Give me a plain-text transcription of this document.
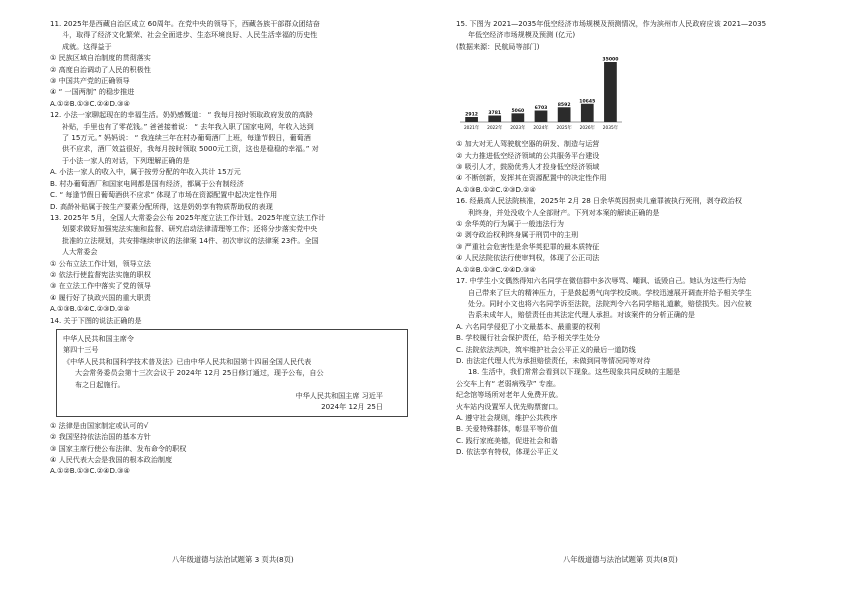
11. 2025年是西藏自治区成立 60周年。在党中央的领导下，西藏各族干部群众团结奋

斗，取得了经济文化繁荣、社会全面进步、生态环境良好、人民生活幸福的历史性

成就。这得益于

① 民族区域自治制度的贯彻落实

② 高度自治调动了人民的积极性

③ 中国共产党的正确领导

④ “ 一国两制” 的稳步推进

A.①②B.①③C.②④D.③④

12. 小法一家聊起现在的幸福生活。奶奶感慨道： “ 我每月按时领取政府发放的高龄

补贴，手里也有了零花钱。” 爸爸接着说： “ 去年我入职了国家电网，年收入达到

了 15万元。” 妈妈说： “ 我连续三年在村办葡萄酒厂上班，每逢节假日，葡萄酒

供不应求，酒厂效益很好，我每月按时领取 5000元工资，这也是稳稳的幸福。” 对

于小法一家人的对话，下列理解正确的是

A. 小法一家人的收入中，属于按劳分配的年收入共计 15万元

B. 村办葡萄酒厂和国家电网都是国有经济，都属于公有制经济

C. “ 每逢节假日葡萄酒供不应求” 体现了市场在资源配置中起决定性作用

D. 高龄补贴属于按生产要素分配所得，这是奶奶享有物质帮助权的表现

13. 2025年 5月，全国人大常委会公布 2025年度立法工作计划。2025年度立法工作计

划要求做好加强宪法实施和监督、研究启动法律清理等工作；还将分步落实党中央

批准的立法规划，共安排继续审议的法律案 14件、初次审议的法律案 23件。全国

人大常委会

① 公布立法工作计划，领导立法

② 依法行使监督宪法实施的职权

③ 在立法工作中落实了党的领导

④ 履行好了执政兴国的重大职责

A.①③B.①④C.②③D.②④

14. 关于下图的说法正确的是

中华人民共和国主席令

第四十三号

《中华人民共和国科学技术普及法》已由中华人民共和国第十四届全国人民代表

大会常务委员会第十三次会议于 2024年 12月 25日修订通过，现予公布，自公

布之日起施行。

中华人民共和国主席 习近平

2024年 12月 25日

① 法律是由国家制定或认可的√

② 我国坚持依法治国的基本方针

③ 国家主席行使公布法律、发布命令的职权

④ 人民代表大会是我国的根本政治制度

A.①②B.①③C.②④D.③④

15. 下图为 2021—2035年低空经济市场规模及预测情况，作为滨州市人民政府应该 2021—2035

年低空经济市场规模及预测 (亿元)

(数据来源：民航局等部门)

2912
2021年
3781
2022年
5060
2023年
6703
2024年
8592
2025年
10645
2026年
35000
2035年

① 加大对无人驾驶航空器的研发、制造与运营

② 大力推进低空经济领域的公共服务平台建设

③ 吸引人才，鼓励优秀人才投身低空经济领域

④ 不断创新，发挥其在资源配置中的决定性作用

A.①③B.①②C.②③D.②④

16. 经最高人民法院核准，2025年 2月 28 日余华英因拐卖儿童罪被执行死刑，剥夺政治权

利终身，并处没收个人全部财产。下列对本案的解读正确的是

① 余华英的行为属于一般违法行为

② 剥夺政治权利终身属于刑罚中的主刑

③ 严重社会危害性是余华英犯罪的最本质特征

④ 人民法院依法行使审判权，体现了公正司法

A.①②B.①③C.②④D.③④

17. 中学生小文偶然得知六名同学在微信群中多次辱骂、嘲讽、诋毁自己。她认为这些行为给

自己带来了巨大的精神压力，于是鼓起勇气向学校反映。学校迅速展开调查并给予相关学生

处分。同时小文也将六名同学诉至法院，法院判令六名同学赔礼道歉，赔偿损失。因六位被

告系未成年人，赔偿责任由其法定代理人承担。对该案件的分析正确的是

A. 六名同学侵犯了小文最基本、最重要的权利

B. 学校履行社会保护责任，给予相关学生处分

C. 法院依法判决，筑牢维护社会公平正义的最后一道防线

D. 由法定代理人代为承担赔偿责任，未做到同等情况同等对待

18. 生活中，我们常常会看到以下现象。这些现象共同反映的主题是

公交车上有“ 老弱病残孕” 专座。

纪念馆等场所对老年人免费开放。

火车站内设置军人优先购票窗口。

A. 遵守社会规则，维护公共秩序

B. 关爱特殊群体，彰显平等价值

C. 践行家庭美德，促进社会和谐

D. 依法享有特权，体现公平正义

八年级道德与法治试题第 3 页共(8页)	八年级道德与法治试题第 页共(8页)
